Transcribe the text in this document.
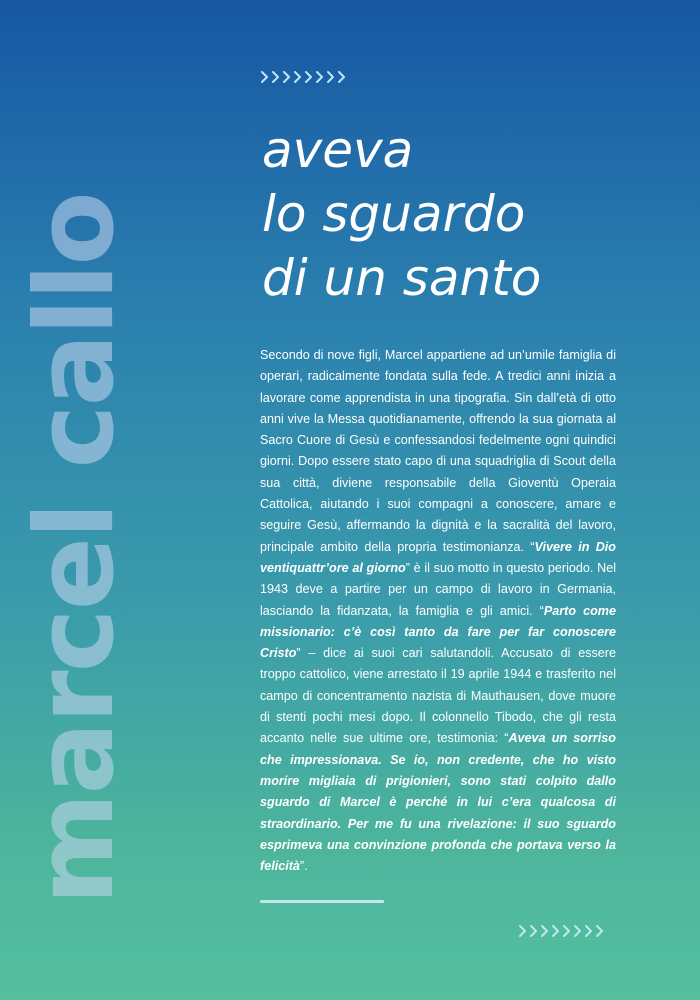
marcel callo
aveva
lo sguardo
di un santo

Secondo di nove figli, Marcel appartiene ad un’umile famiglia di operari, radicalmente fondata sulla fede. A tredici anni inizia a lavorare come apprendista in una tipografia. Sin dall’età di otto anni vive la Messa quotidianamente, offrendo la sua giornata al Sacro Cuore di Gesù e confessandosi fedelmente ogni quindici giorni. Dopo essere stato capo di una squadriglia di Scout della sua città, diviene responsabile della Gioventù Operaia Cattolica, aiutando i suoi compagni a conoscere, amare e seguire Gesù, affermando la dignità e la sacralità del lavoro, principale ambito della propria testimonianza. “Vivere in Dio ventiquattr’ore al giorno” è il suo motto in questo periodo. Nel 1943 deve a partire per un campo di lavoro in Germania, lasciando la fidanzata, la famiglia e gli amici. “Parto come missionario: c’è così tanto da fare per far conoscere Cristo” – dice ai suoi cari salutandoli. Accusato di essere troppo cattolico, viene arrestato il 19 aprile 1944 e trasferito nel campo di concentramento nazista di Mauthausen, dove muore di stenti pochi mesi dopo. Il colonnello Tibodo, che gli resta accanto nelle sue ultime ore, testimonia: “Aveva un sorriso che impressionava. Se io, non credente, che ho visto morire migliaia di prigionieri, sono stati colpito dallo sguardo di Marcel è perché in lui c’era qualcosa di straordinario. Per me fu una rivelazione: il suo sguardo esprimeva una convinzione profonda che portava verso la felicità”.
